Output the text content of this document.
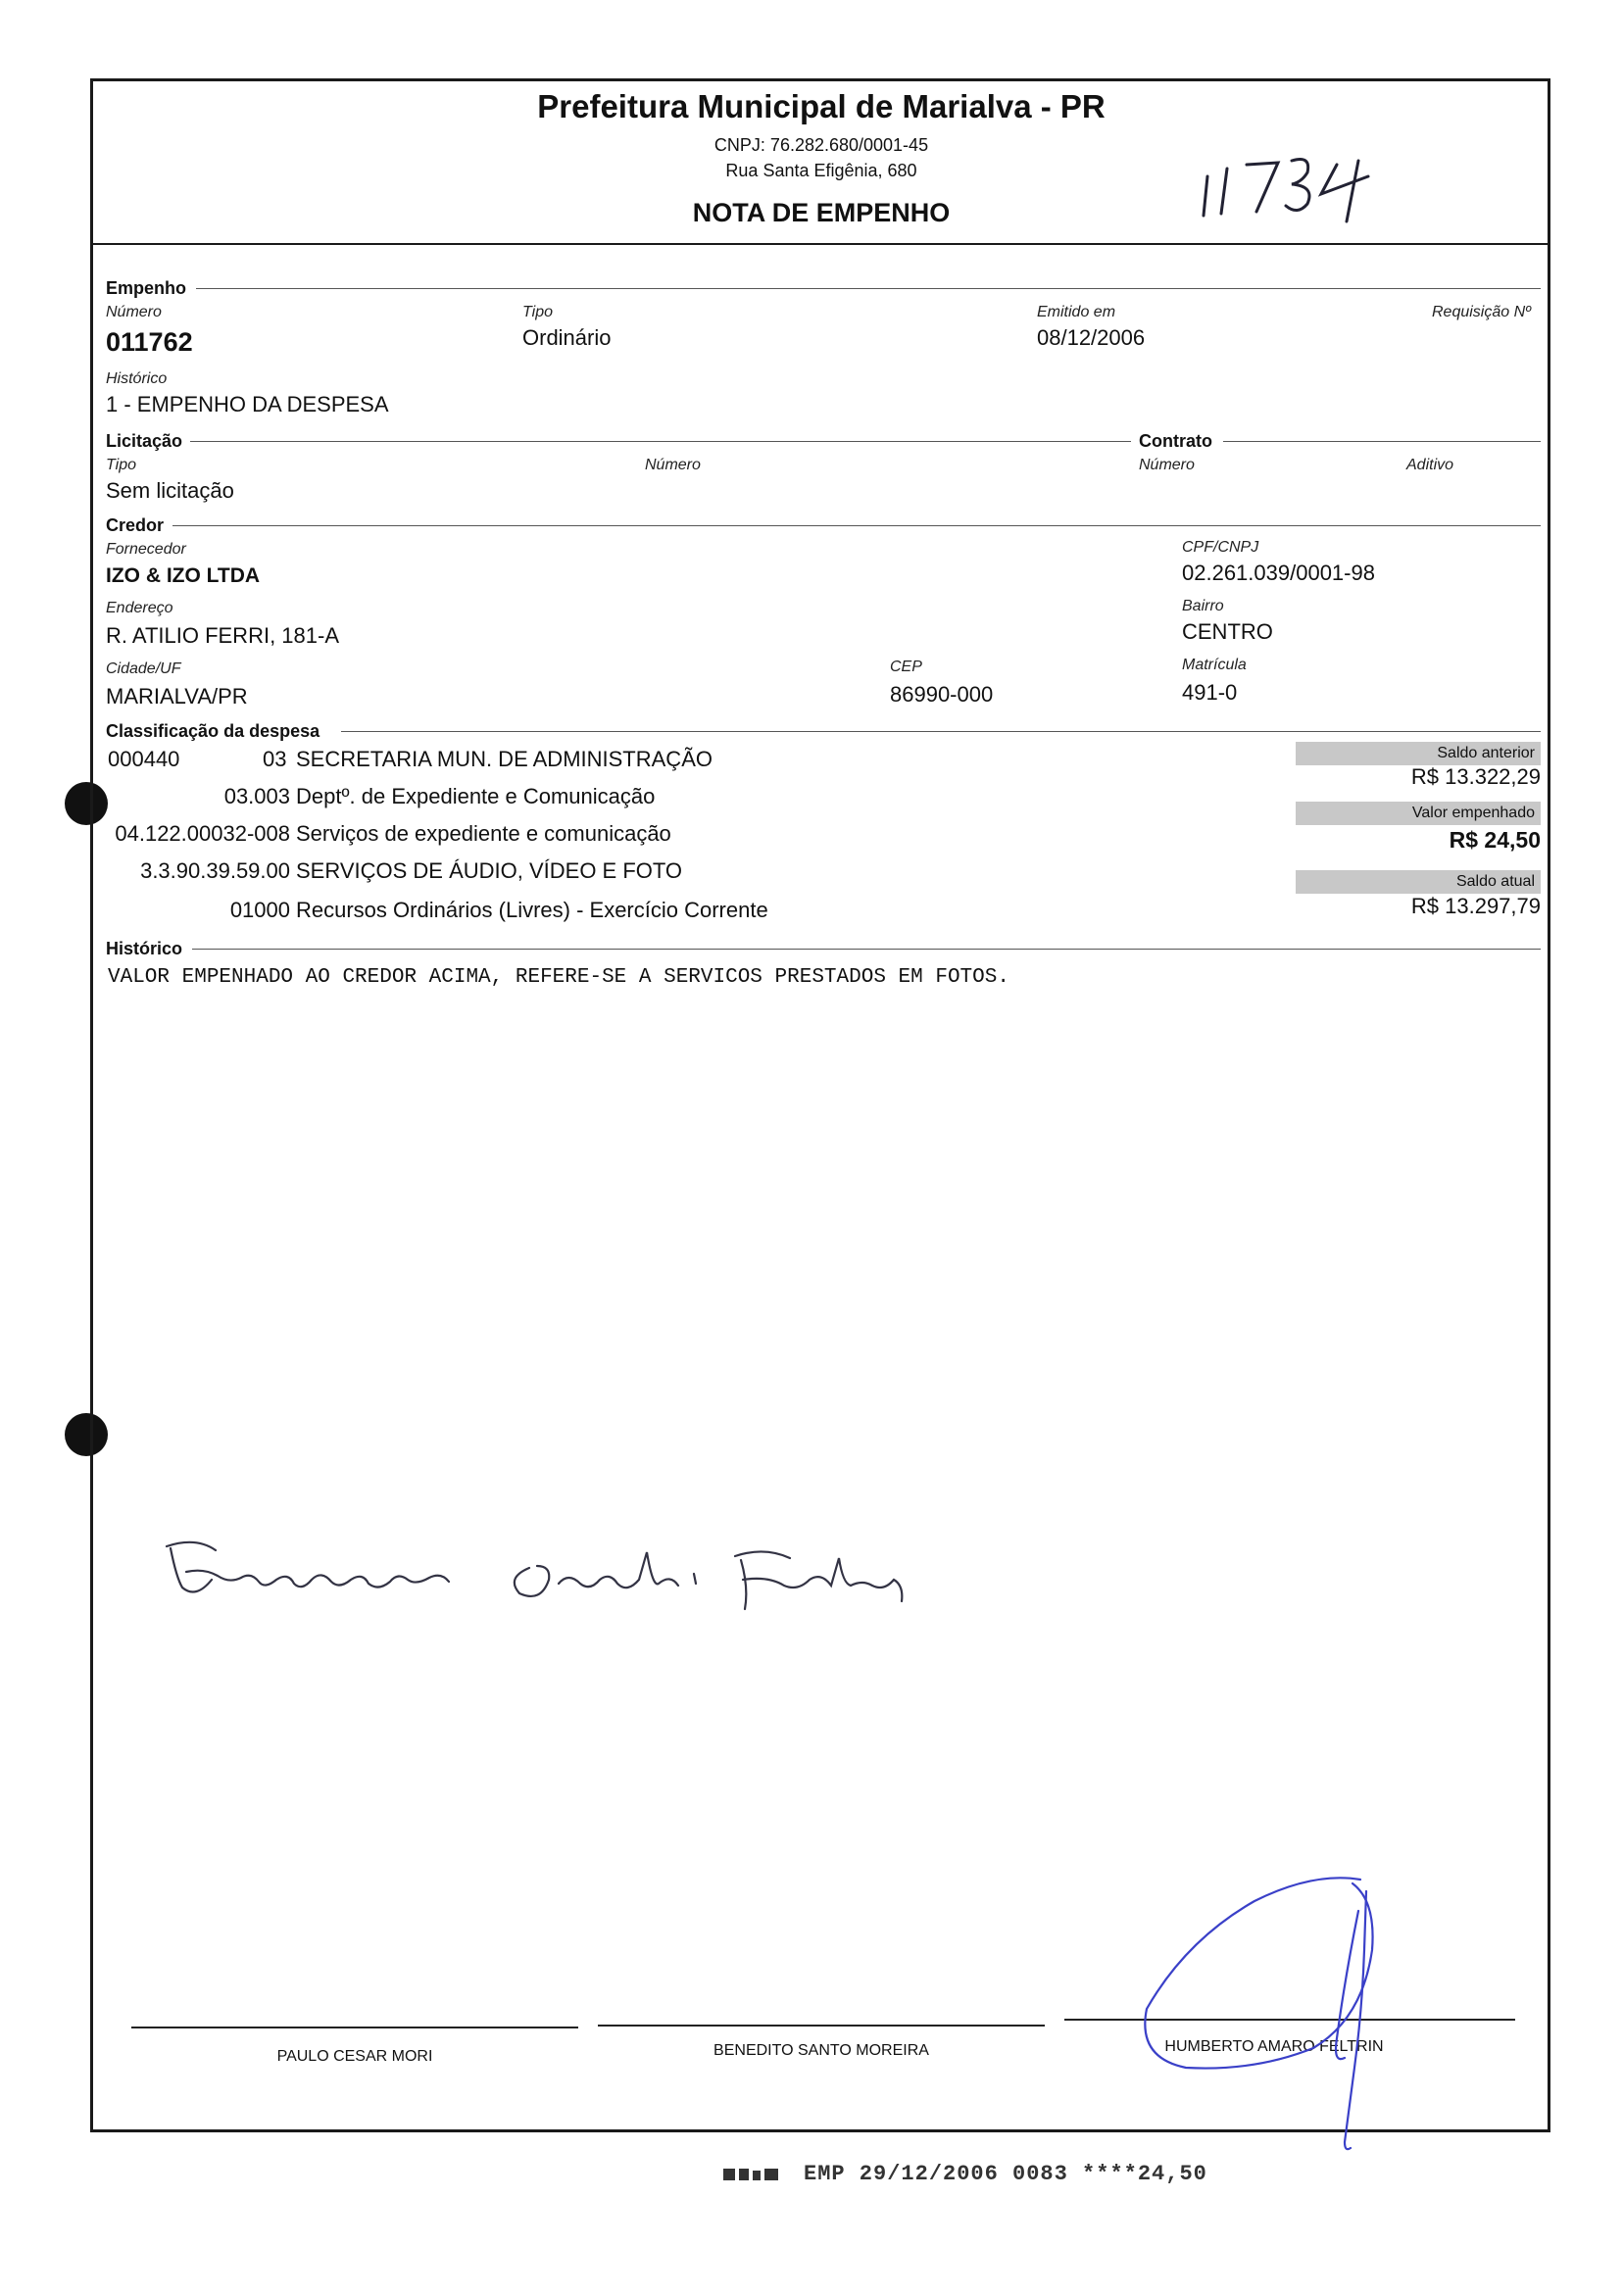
Prefeitura Municipal de Marialva - PR
CNPJ: 76.282.680/0001-45
Rua Santa Efigênia, 680
NOTA DE EMPENHO
Empenho
Número
011762
Tipo
Ordinário
Emitido em
08/12/2006
Requisição Nº
Histórico
1 - EMPENHO DA DESPESA
Licitação	Contrato
Tipo
Sem licitação
Número	Número	Aditivo
Credor
Fornecedor
IZO & IZO LTDA
CPF/CNPJ
02.261.039/0001-98
Endereço
R. ATILIO FERRI, 181-A
Bairro
CENTRO
Cidade/UF
MARIALVA/PR
CEP
86990-000
Matrícula
491-0
Classificação da despesa
000440	03 SECRETARIA MUN. DE ADMINISTRAÇÃO
03.003 Deptº. de Expediente e Comunicação
04.122.00032-008 Serviços de expediente e comunicação
3.3.90.39.59.00 SERVIÇOS DE ÁUDIO, VÍDEO E FOTO
01000 Recursos Ordinários (Livres) - Exercício Corrente
Saldo anterior
R$ 13.322,29
Valor empenhado
R$ 24,50
Saldo atual
R$ 13.297,79
Histórico
VALOR EMPENHADO AO CREDOR ACIMA, REFERE-SE A SERVICOS PRESTADOS EM FOTOS.
PAULO CESAR MORI	BENEDITO SANTO MOREIRA	HUMBERTO AMARO FELTRIN
EMP 29/12/2006 0083 ****24,50
